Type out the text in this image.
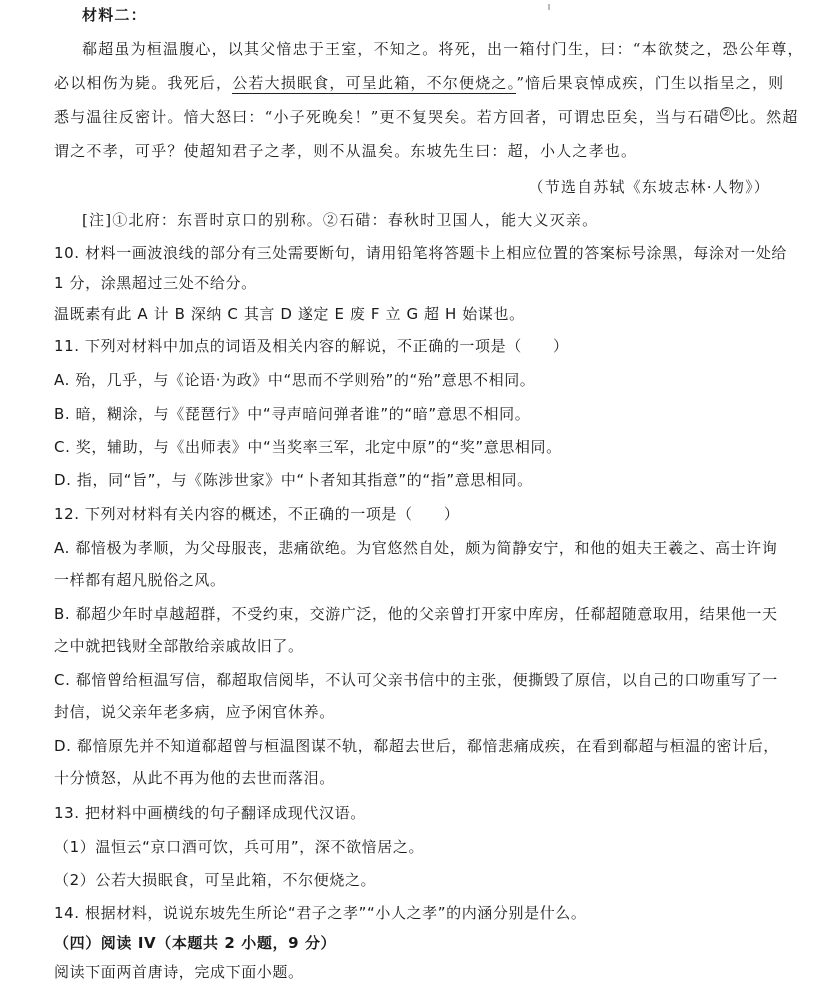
材料二：
郗超虽为桓温腹心，以其父愔忠于王室，不知之。将死，出一箱付门生，曰：“本欲焚之，恐公年尊，
必以相伤为毙。我死后，公若大损眠食，可呈此箱，不尔便烧之。”愔后果哀悼成疾，门生以指呈之，则
悉与温往反密计。愔大怒曰：“小子死晚矣！”更不复哭矣。若方回者，可谓忠臣矣，当与石碏 ② 比。然超
谓之不孝，可乎？使超知君子之孝，则不从温矣。东坡先生曰：超，小人之孝也。
（节选自苏轼《东坡志林·人物》）
[注]①北府：东晋时京口的别称。②石碏：春秋时卫国人，能大义灭亲。
10. 材料一画波浪线的部分有三处需要断句，请用铅笔将答题卡上相应位置的答案标号涂黑，每涂对一处给
1 分，涂黑超过三处不给分。
温既素有此 A 计 B 深纳 C 其言 D 遂定 E 废 F 立 G 超 H 始谋也。
11. 下列对材料中加点的词语及相关内容的解说，不正确的一项是（　　）
A. 殆，几乎，与《论语·为政》中“思而不学则殆”的“殆”意思不相同。
B. 暗，糊涂，与《琵琶行》中“寻声暗问弹者谁”的“暗”意思不相同。
C. 奖，辅助，与《出师表》中“当奖率三军，北定中原”的“奖”意思相同。
D. 指，同“旨”，与《陈涉世家》中“卜者知其指意”的“指”意思相同。
12. 下列对材料有关内容的概述，不正确的一项是（　　）
A. 郗愔极为孝顺，为父母服丧，悲痛欲绝。为官悠然自处，颇为简静安宁，和他的姐夫王羲之、高士许询
一样都有超凡脱俗之风。
B. 郗超少年时卓越超群，不受约束，交游广泛，他的父亲曾打开家中库房，任郗超随意取用，结果他一天
之中就把钱财全部散给亲戚故旧了。
C. 郗愔曾给桓温写信，郗超取信阅毕，不认可父亲书信中的主张，便撕毁了原信，以自己的口吻重写了一
封信，说父亲年老多病，应予闲官休养。
D. 郗愔原先并不知道郗超曾与桓温图谋不轨，郗超去世后，郗愔悲痛成疾，在看到郗超与桓温的密计后，
十分愤怒，从此不再为他的去世而落泪。
13. 把材料中画横线的句子翻译成现代汉语。
（1）温恒云“京口酒可饮，兵可用”，深不欲愔居之。
（2）公若大损眠食，可呈此箱，不尔便烧之。
14. 根据材料，说说东坡先生所论“君子之孝”“小人之孝”的内涵分别是什么。
（四）阅读 IV（本题共 2 小题，9 分）
阅读下面两首唐诗，完成下面小题。
